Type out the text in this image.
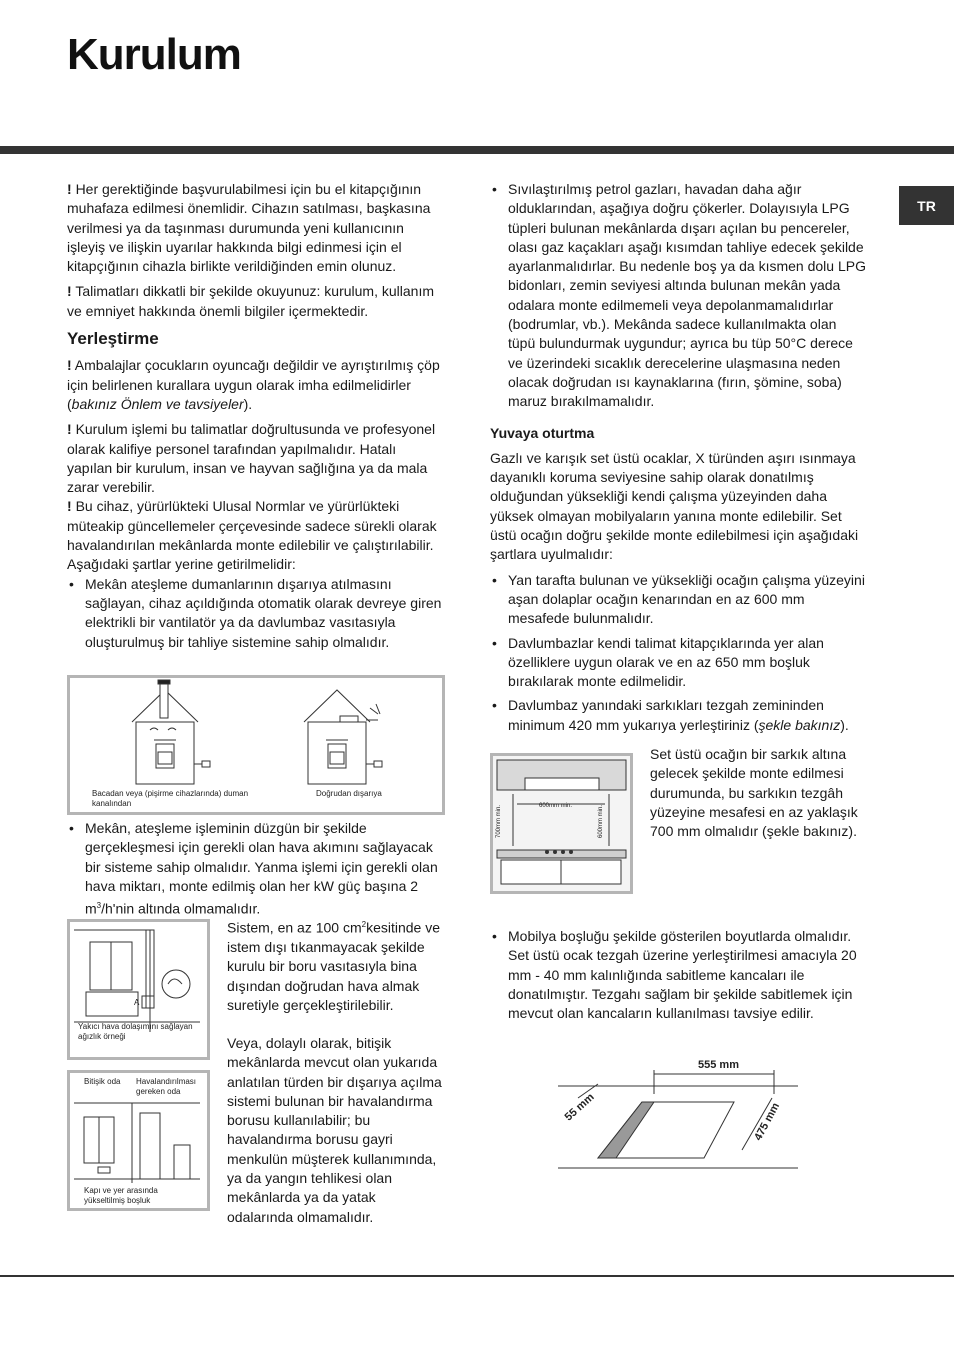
Kurulum
TR

! Her gerektiğinde başvurulabilmesi için bu el kitapçığının muhafaza edilmesi önemlidir. Cihazın satılması, başkasına verilmesi ya da taşınması durumunda yeni kullanıcının işleyiş ve ilişkin uyarılar hakkında bilgi edinmesi için el kitapçığının cihazla birlikte verildiğinden emin olunuz.

! Talimatları dikkatli bir şekilde okuyunuz: kurulum, kullanım ve emniyet hakkında önemli bilgiler içermektedir.

Yerleştirme

! Ambalajlar çocukların oyuncağı değildir ve ayrıştırılmış çöp için belirlenen kurallara uygun olarak imha edilmelidirler (bakınız Önlem ve tavsiyeler).

! Kurulum işlemi bu talimatlar doğrultusunda ve profesyonel olarak kalifiye personel tarafından yapılmalıdır. Hatalı yapılan bir kurulum, insan ve hayvan sağlığına ya da mala zarar verebilir.

! Bu cihaz, yürürlükteki Ulusal Normlar ve yürürlükteki müteakip güncellemeler çerçevesinde sadece sürekli olarak havalandırılan mekânlarda monte edilebilir ve çalıştırılabilir. Aşağıdaki şartlar yerine getirilmelidir:

• Mekân ateşleme dumanlarının dışarıya atılmasını sağlayan, cihaz açıldığında otomatik olarak devreye giren elektrikli bir vantilatör ya da davlumbaz vasıtasıyla oluşturulmuş bir tahliye sistemine sahip olmalıdır.
Bacadan veya (pişirme cihazlarında) duman kanalından
Doğrudan dışarıya
• Mekân, ateşleme işleminin düzgün bir şekilde gerçekleşmesi için gerekli olan hava akımını sağlayacak bir sisteme sahip olmalıdır. Yanma işlemi için gerekli olan hava miktarı, monte edilmiş olan her kW güç başına 2 $m^3/h'nin$ altında olmamalıdır.
A
Yakıcı hava dolaşımını sağlayan ağızlık örneği
Sistem, en az 100 $cm^2kesitinde$ ve istem dışı tıkanmayacak şekilde kurulu bir boru vasıtasıyla bina dışından doğrudan hava almak suretiyle gerçekleştirilebilir.
Bitişik oda	Havalandırılması gereken oda
Kapı ve yer arasında yükseltilmiş boşluk
Veya, dolaylı olarak, bitişik mekânlarda mevcut olan yukarıda anlatılan türden bir dışarıya açılma sistemi bulunan bir havalandırma borusu kullanılabilir; bu havalandırma borusu gayri menkulün müşterek kullanımında, ya da yangın tehlikesi olan mekânlarda ya da yatak odalarında olmamalıdır.
• Sıvılaştırılmış petrol gazları, havadan daha ağır olduklarından, aşağıya doğru çökerler. Dolayısıyla LPG tüpleri bulunan mekânlarda dışarı açılan bu pencereler, olası gaz kaçakları aşağı kısımdan tahliye edecek şekilde ayarlanmalıdırlar. Bu nedenle boş ya da kısmen dolu LPG bidonları, zemin seviyesi altında bulunan mekân yada odalara monte edilmemeli veya depolanmamalıdırlar (bodrumlar, vb.). Mekânda sadece kullanılmakta olan tüpü bulundurmak uygundur; ayrıca bu tüp 50°C derece ve üzerindeki sıcaklık derecelerine ulaşmasına neden olacak doğrudan ısı kaynaklarına (fırın, şömine, soba) maruz bırakılmamalıdır.
Yuvaya oturtma

Gazlı ve karışık set üstü ocaklar, X türünden aşırı ısınmaya dayanıklı koruma seviyesine sahip olarak donatılmış olduğundan yüksekliği kendi çalışma yüzeyinden daha yüksek olmayan mobilyaların yanına monte edilebilir. Set üstü ocağın doğru şekilde monte edilebilmesi için aşağıdaki şartlara uyulmalıdır:

• Yan tarafta bulunan ve yüksekliği ocağın çalışma yüzeyini aşan dolaplar ocağın kenarından en az 600 mm mesafede bulunmalıdır.
• Davlumbazlar kendi talimat kitapçıklarında yer alan özelliklere uygun olarak ve en az 650 mm boşluk bırakılarak monte edilmelidir.
• Davlumbaz yanındaki sarkıkları tezgah zemininden minimum 420 mm yukarıya yerleştiriniz (şekle bakınız).
600mm min.
700mm min.	600mm min.
Set üstü ocağın bir sarkık altına gelecek şekilde monte edilmesi durumunda, bu sarkıkın tezgâh yüzeyine mesafesi en az yaklaşık 700 mm olmalıdır (şekle bakınız).
• Mobilya boşluğu şekilde gösterilen boyutlarda olmalıdır. Set üstü ocak tezgah üzerine yerleştirilmesi amacıyla 20 mm - 40 mm kalınlığında sabitleme kancaları ile donatılmıştır. Tezgahı sağlam bir şekilde sabitlemek için mevcut olan kancaların kullanılması tavsiye edilir.
555 mm
475 mm
55 mm
